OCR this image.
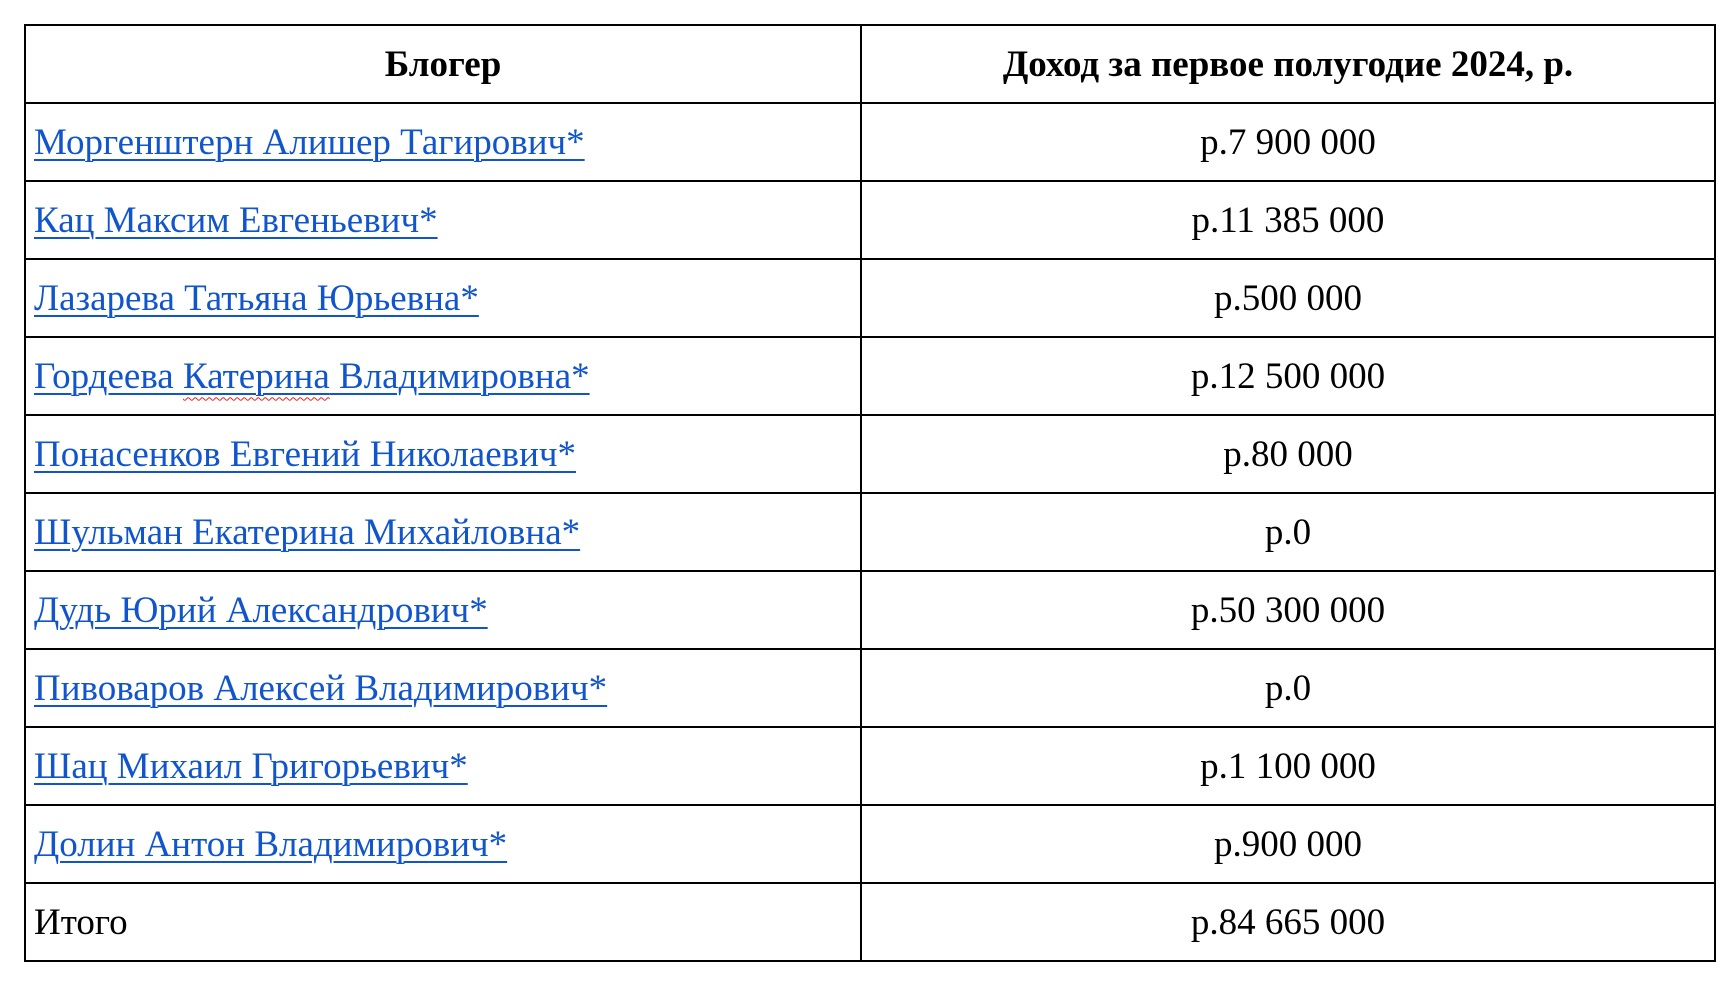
Блогер	Доход за первое полугодие 2024, р.
Моргенштерн Алишер Тагирович*	р.7 900 000
Кац Максим Евгеньевич*	р.11 385 000
Лазарева Татьяна Юрьевна*	р.500 000
Гордеева Катерина Владимировна*	р.12 500 000
Понасенков Евгений Николаевич*	р.80 000
Шульман Екатерина Михайловна*	р.0
Дудь Юрий Александрович*	р.50 300 000
Пивоваров Алексей Владимирович*	р.0
Шац Михаил Григорьевич*	р.1 100 000
Долин Антон Владимирович*	р.900 000
Итого	р.84 665 000
